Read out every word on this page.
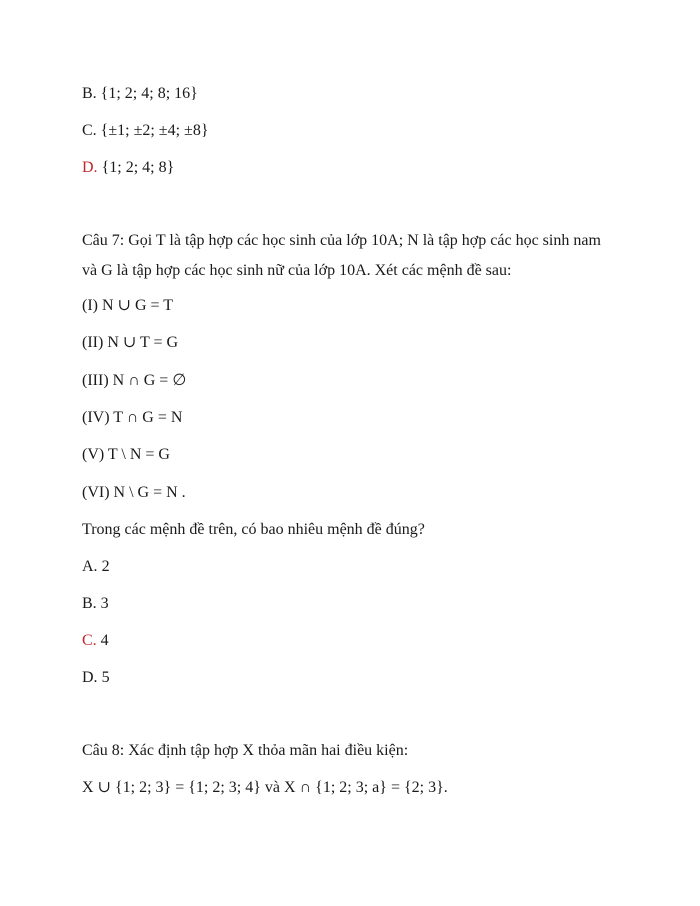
B. {1; 2; 4; 8; 16}
C. {±1; ±2; ±4; ±8}
D. {1; 2; 4; 8}
Câu 7: Gọi T là tập hợp các học sinh của lớp 10A; N là tập hợp các học sinh nam
và G là tập hợp các học sinh nữ của lớp 10A. Xét các mệnh đề sau:
(I) N ∪ G = T
(II) N ∪ T = G
(III) N ∩ G = ∅
(IV) T ∩ G = N
(V) T \ N = G
(VI) N \ G = N .
Trong các mệnh đề trên, có bao nhiêu mệnh đề đúng?
A. 2
B. 3
C. 4
D. 5
Câu 8: Xác định tập hợp X thỏa mãn hai điều kiện:
X ∪ {1; 2; 3} = {1; 2; 3; 4} và X ∩ {1; 2; 3; a} = {2; 3}.
